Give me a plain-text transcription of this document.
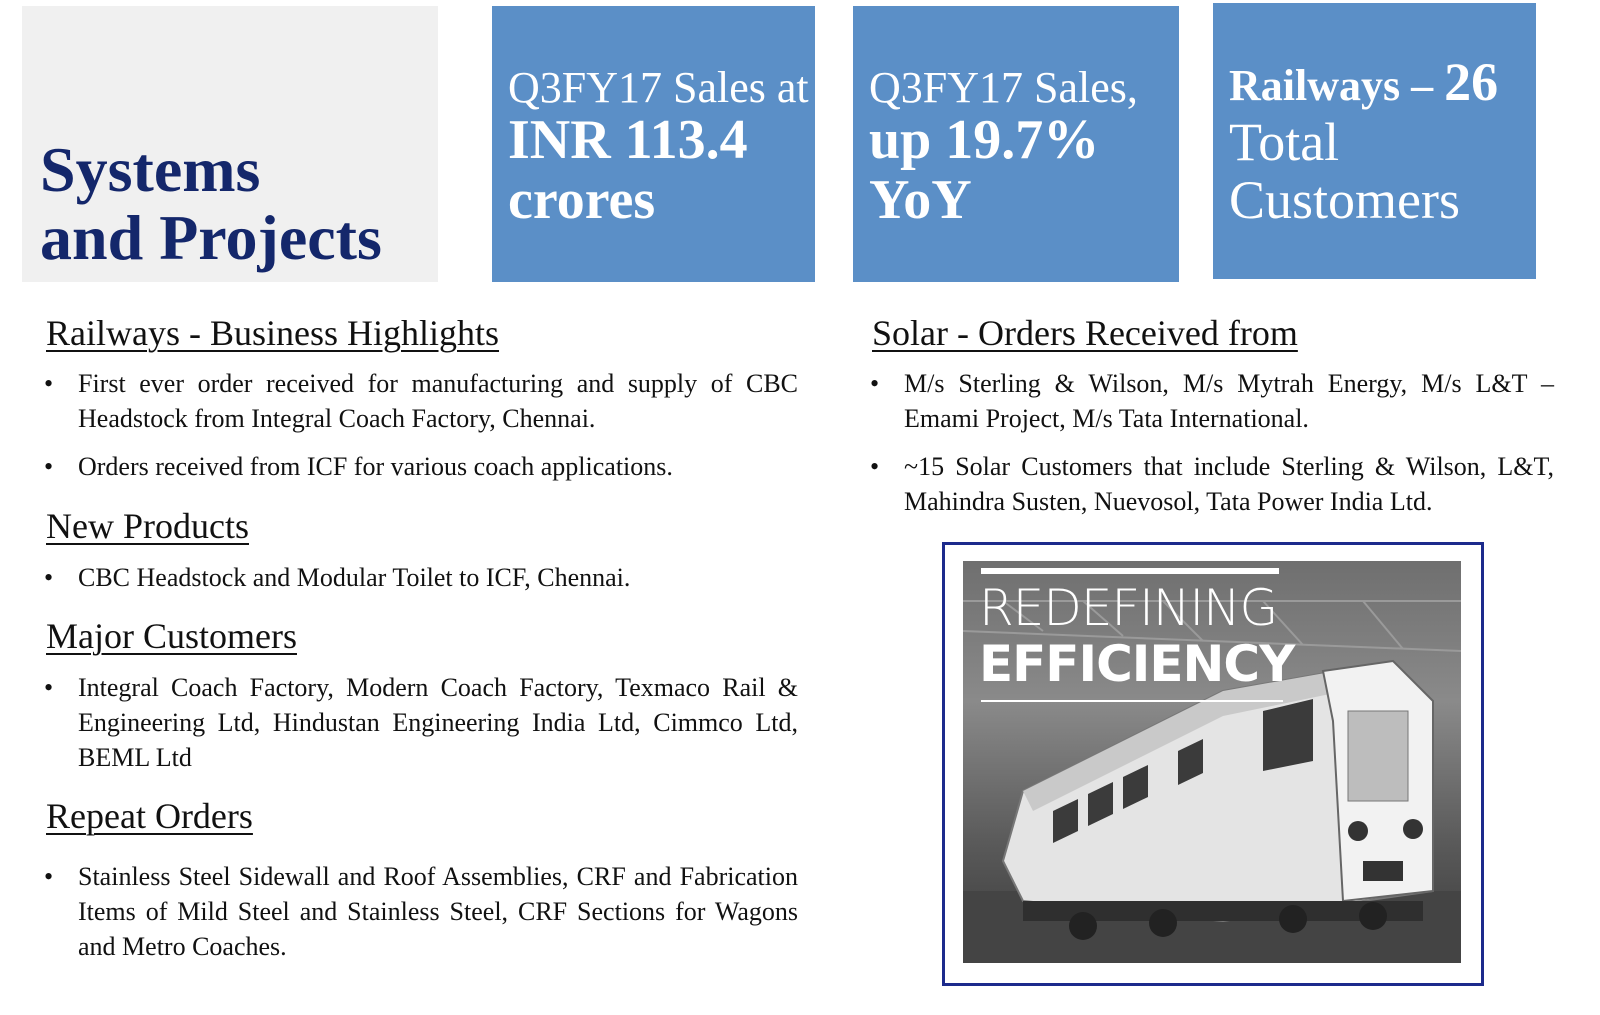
Systems
and Projects
Q3FY17 Sales at
INR 113.4
crores
Q3FY17 Sales,
up 19.7%
YoY
Railways – 26
Total
Customers
Railways - Business Highlights
• First ever order received for manufacturing and supply of CBC Headstock from Integral Coach Factory, Chennai.
• Orders received from ICF for various coach applications.
New Products
• CBC Headstock and Modular Toilet to ICF, Chennai.
Major Customers
• Integral Coach Factory, Modern Coach Factory, Texmaco Rail & Engineering Ltd, Hindustan Engineering India Ltd, Cimmco Ltd, BEML Ltd
Repeat Orders
• Stainless Steel Sidewall and Roof Assemblies, CRF and Fabrication Items of Mild Steel and Stainless Steel, CRF Sections for Wagons and Metro Coaches.
Solar - Orders Received from
• M/s Sterling & Wilson, M/s Mytrah Energy, M/s L&T – Emami Project, M/s Tata International.
• ~15 Solar Customers that include Sterling & Wilson, L&T, Mahindra Susten, Nuevosol, Tata Power India Ltd.
REDEFINING
EFFICIENCY
